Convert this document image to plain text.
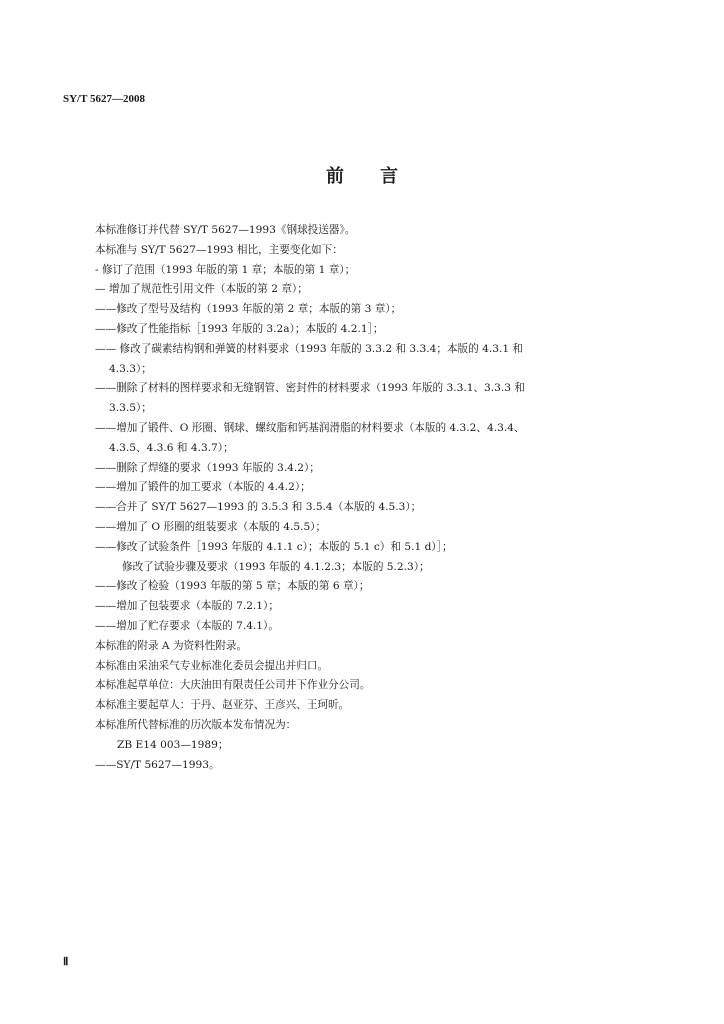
SY/T 5627—2008
前言
本标准修订并代替 SY/T 5627—1993《钢球投送器》。
本标准与 SY/T 5627—1993 相比，主要变化如下：
- 修订了范围（1993 年版的第 1 章；本版的第 1 章）；
— 增加了规范性引用文件（本版的第 2 章）；
——修改了型号及结构（1993 年版的第 2 章；本版的第 3 章）；
——修改了性能指标［1993 年版的 3.2a）；本版的 4.2.1］；
—— 修改了碳素结构钢和弹簧的材料要求（1993 年版的 3.3.2 和 3.3.4；本版的 4.3.1 和
4.3.3）；
——删除了材料的图样要求和无缝钢管、密封件的材料要求（1993 年版的 3.3.1、3.3.3 和
3.3.5）；
——增加了锻件、O 形圈、钢球、螺纹脂和钙基润滑脂的材料要求（本版的 4.3.2、4.3.4、
4.3.5、4.3.6 和 4.3.7）；
——删除了焊缝的要求（1993 年版的 3.4.2）；
——增加了锻件的加工要求（本版的 4.4.2）；
——合并了 SY/T 5627—1993 的 3.5.3 和 3.5.4（本版的 4.5.3）；
——增加了 O 形圈的组装要求（本版的 4.5.5）；
——修改了试验条件［1993 年版的 4.1.1 c）；本版的 5.1 c）和 5.1 d）］；
修改了试验步骤及要求（1993 年版的 4.1.2.3；本版的 5.2.3）；
——修改了检验（1993 年版的第 5 章；本版的第 6 章）；
——增加了包装要求（本版的 7.2.1）；
——增加了贮存要求（本版的 7.4.1）。
本标准的附录 A 为资料性附录。
本标准由采油采气专业标准化委员会提出并归口。
本标准起草单位：大庆油田有限责任公司井下作业分公司。
本标准主要起草人：于丹、赵亚芬、王彦兴、王珂昕。
本标准所代替标准的历次版本发布情况为：
ZB E14 003—1989；
——SY/T 5627—1993。
Ⅱ
